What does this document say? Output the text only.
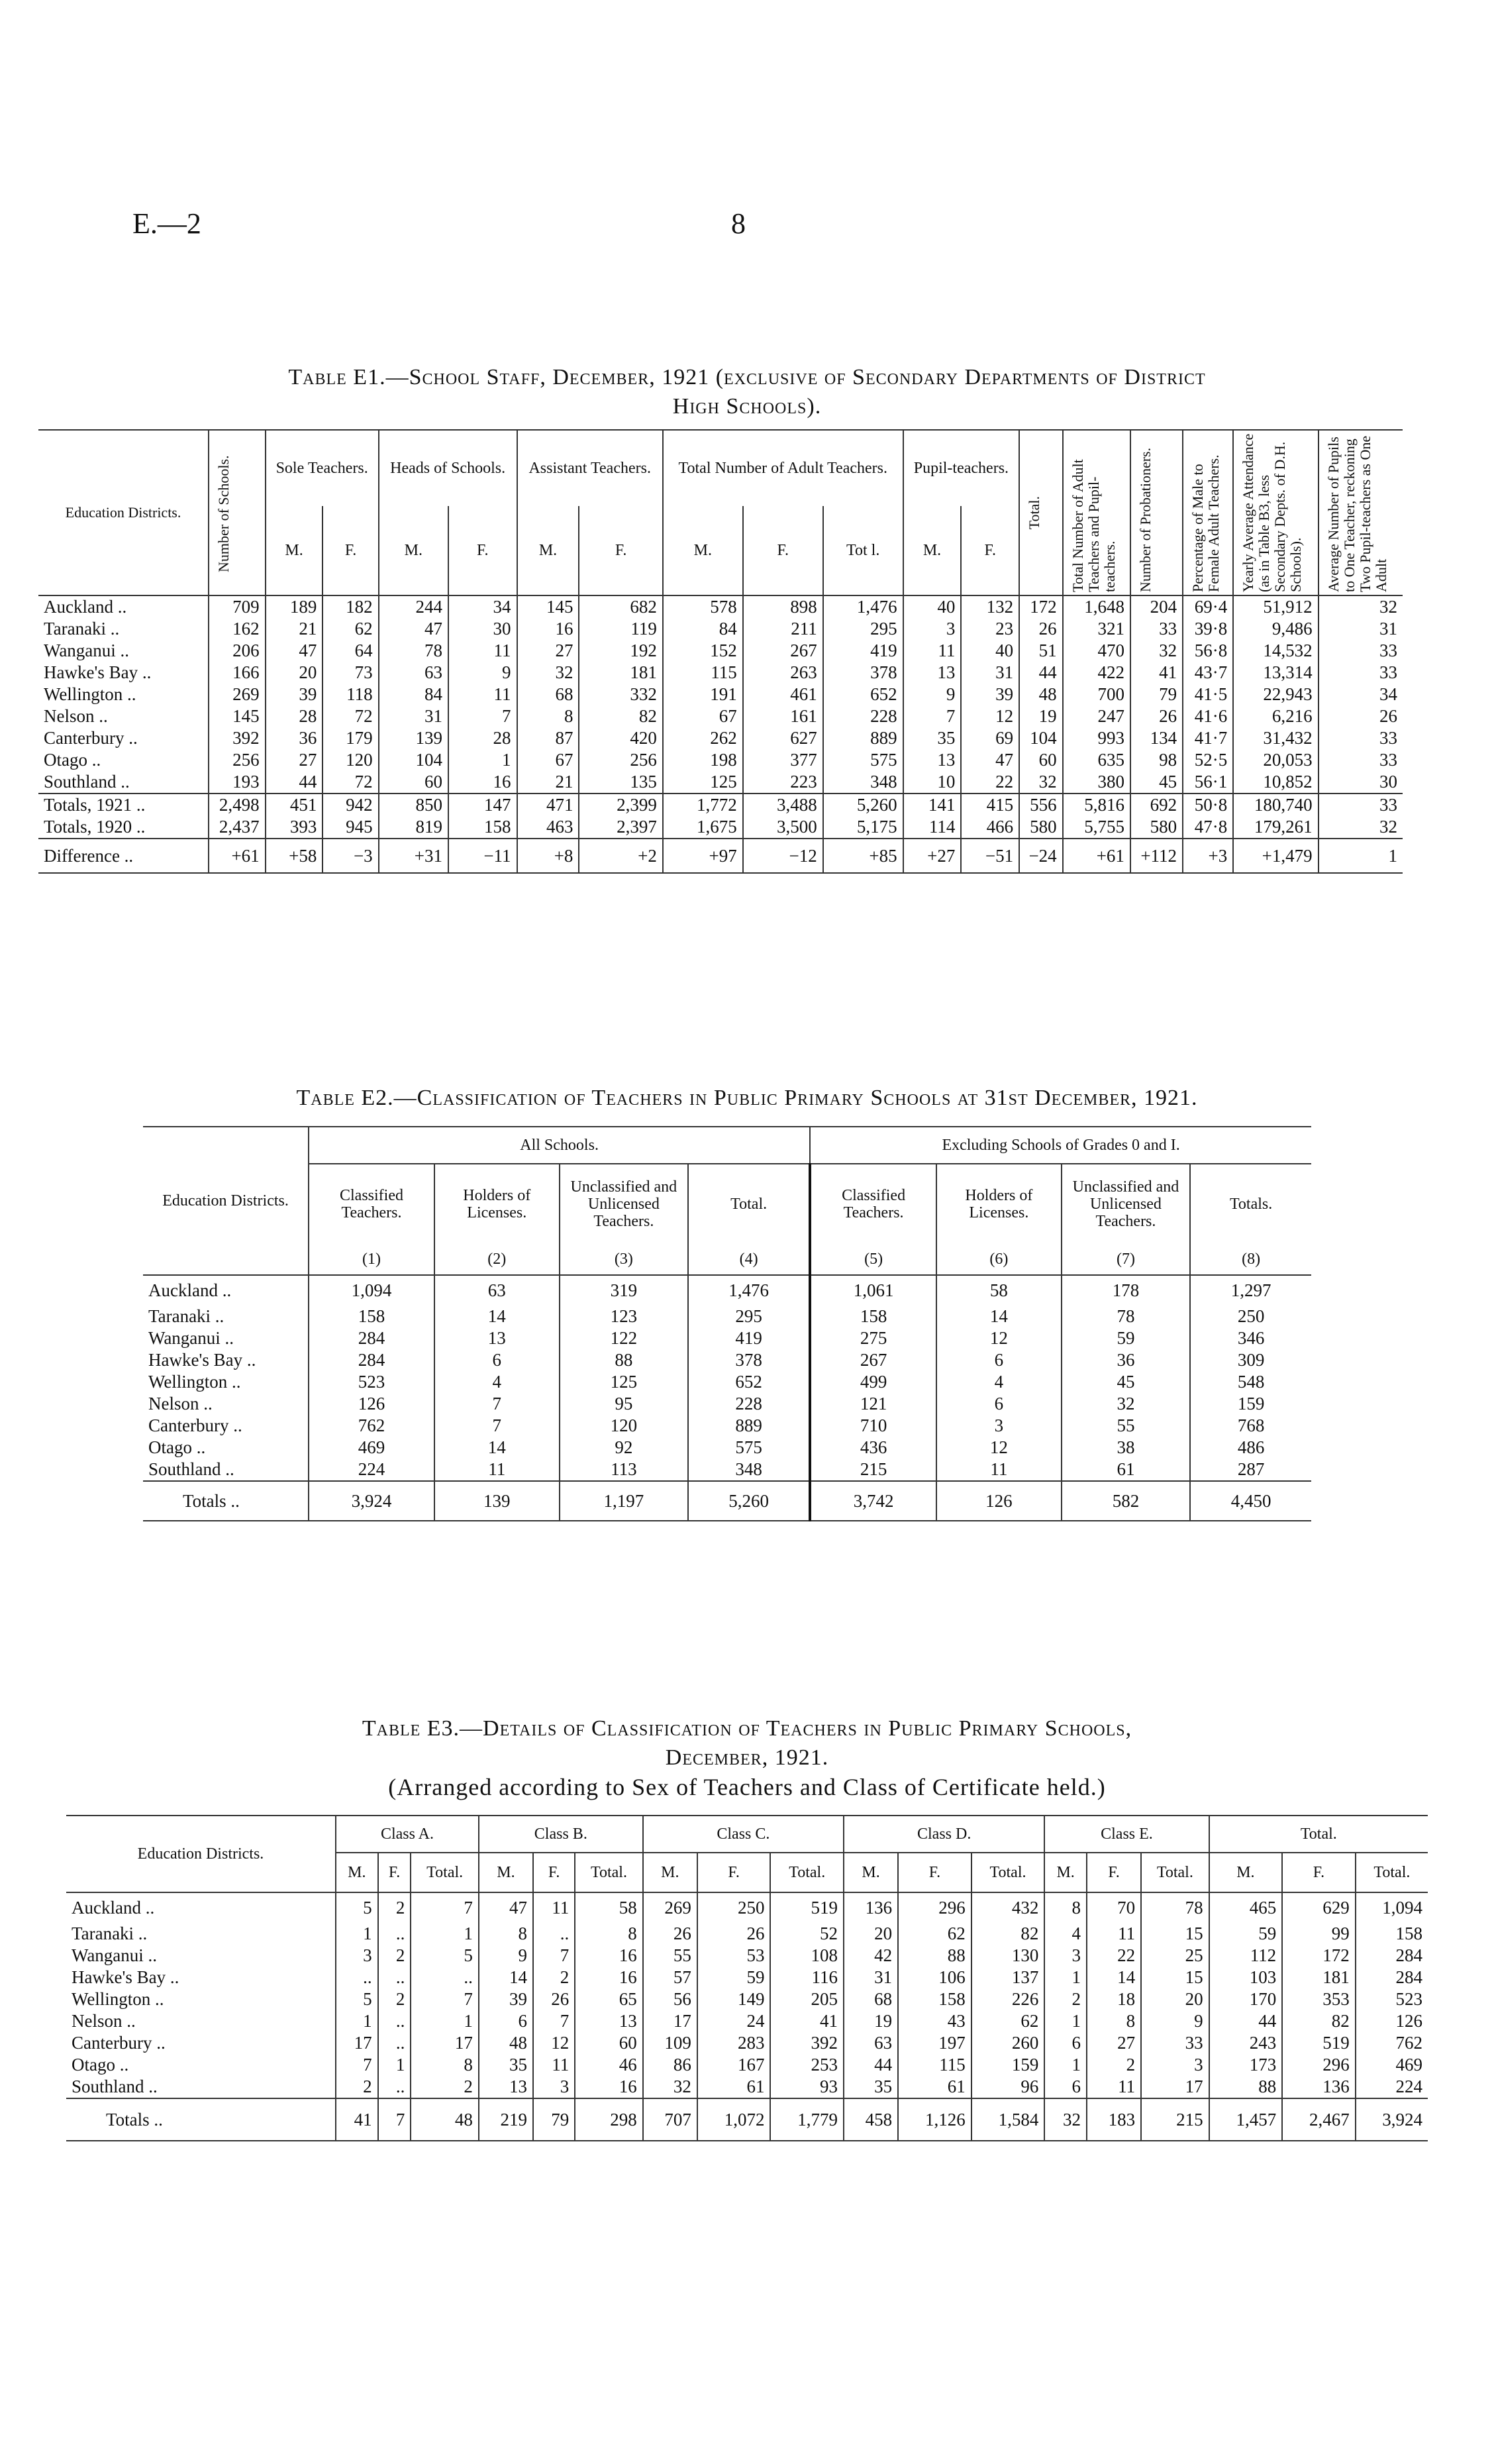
E.—2	8
Table E1.—School Staff, December, 1921 (exclusive of Secondary Departments of District
High Schools).
Education Districts.	Number of Schools.	Sole Teachers.		Heads of Schools.		Assistant Teachers.		Total Number of Adult Teachers.			Pupil-teachers.		Total.	Total Number of Adult Teachers and Pupil-teachers.	Number of Probationers.	Percentage of Male to Female Adult Teachers.	Yearly Average Attendance (as in Table B3, less Secondary Depts. of D.H. Schools).	Average Number of Pupils to One Teacher, reckoning Two Pupil-teachers as One Adult

		M.	F.	M.	F.	M.	F.	M.	F.	Tot l.	M.	F.						
Auckland ..	709	189	182	244	34	145	682	578	898	1,476	40	132	172	1,648	204	69·4	51,912	32
Taranaki ..	162	21	62	47	30	16	119	84	211	295	3	23	26	321	33	39·8	9,486	31
Wanganui ..	206	47	64	78	11	27	192	152	267	419	11	40	51	470	32	56·8	14,532	33
Hawke's Bay ..	166	20	73	63	9	32	181	115	263	378	13	31	44	422	41	43·7	13,314	33
Wellington ..	269	39	118	84	11	68	332	191	461	652	9	39	48	700	79	41·5	22,943	34
Nelson ..	145	28	72	31	7	8	82	67	161	228	7	12	19	247	26	41·6	6,216	26
Canterbury ..	392	36	179	139	28	87	420	262	627	889	35	69	104	993	134	41·7	31,432	33
Otago ..	256	27	120	104	1	67	256	198	377	575	13	47	60	635	98	52·5	20,053	33
Southland ..	193	44	72	60	16	21	135	125	223	348	10	22	32	380	45	56·1	10,852	30
Totals, 1921 ..	2,498	451	942	850	147	471	2,399	1,772	3,488	5,260	141	415	556	5,816	692	50·8	180,740	33
Totals, 1920 ..	2,437	393	945	819	158	463	2,397	1,675	3,500	5,175	114	466	580	5,755	580	47·8	179,261	32
Difference ..	+61	+58	−3	+31	−11	+8	+2	+97	−12	+85	+27	−51	−24	+61	+112	+3	+1,479	1
Table E2.—Classification of Teachers in Public Primary Schools at 31st December, 1921.
Education Districts.	All Schools.				Excluding Schools of Grades 0 and I.			
	Classified Teachers.	Holders of Licenses.	Unclassified and Unlicensed Teachers.	Total.	Classified Teachers.	Holders of Licenses.	Unclassified and Unlicensed Teachers.	Totals.
	(1)	(2)	(3)	(4)	(5)	(6)	(7)	(8)
Auckland ..	1,094	63	319	1,476	1,061	58	178	1,297
Taranaki ..	158	14	123	295	158	14	78	250
Wanganui ..	284	13	122	419	275	12	59	346
Hawke's Bay ..	284	6	88	378	267	6	36	309
Wellington ..	523	4	125	652	499	4	45	548
Nelson ..	126	7	95	228	121	6	32	159
Canterbury ..	762	7	120	889	710	3	55	768
Otago ..	469	14	92	575	436	12	38	486
Southland ..	224	11	113	348	215	11	61	287
Totals ..	3,924	139	1,197	5,260	3,742	126	582	4,450
Table E3.—Details of Classification of Teachers in Public Primary Schools,
December, 1921.
(Arranged according to Sex of Teachers and Class of Certificate held.)
Education Districts.	Class A.			Class B.			Class C.			Class D.			Class E.			Total.		
	M.	F.	Total.	M.	F.	Total.	M.	F.	Total.	M.	F.	Total.	M.	F.	Total.	M.	F.	Total.
Auckland ..	5	2	7	47	11	58	269	250	519	136	296	432	8	70	78	465	629	1,094
Taranaki ..	1	..	1	8	..	8	26	26	52	20	62	82	4	11	15	59	99	158
Wanganui ..	3	2	5	9	7	16	55	53	108	42	88	130	3	22	25	112	172	284
Hawke's Bay ..	..	..	..	14	2	16	57	59	116	31	106	137	1	14	15	103	181	284
Wellington ..	5	2	7	39	26	65	56	149	205	68	158	226	2	18	20	170	353	523
Nelson ..	1	..	1	6	7	13	17	24	41	19	43	62	1	8	9	44	82	126
Canterbury ..	17	..	17	48	12	60	109	283	392	63	197	260	6	27	33	243	519	762
Otago ..	7	1	8	35	11	46	86	167	253	44	115	159	1	2	3	173	296	469
Southland ..	2	..	2	13	3	16	32	61	93	35	61	96	6	11	17	88	136	224
Totals ..	41	7	48	219	79	298	707	1,072	1,779	458	1,126	1,584	32	183	215	1,457	2,467	3,924
